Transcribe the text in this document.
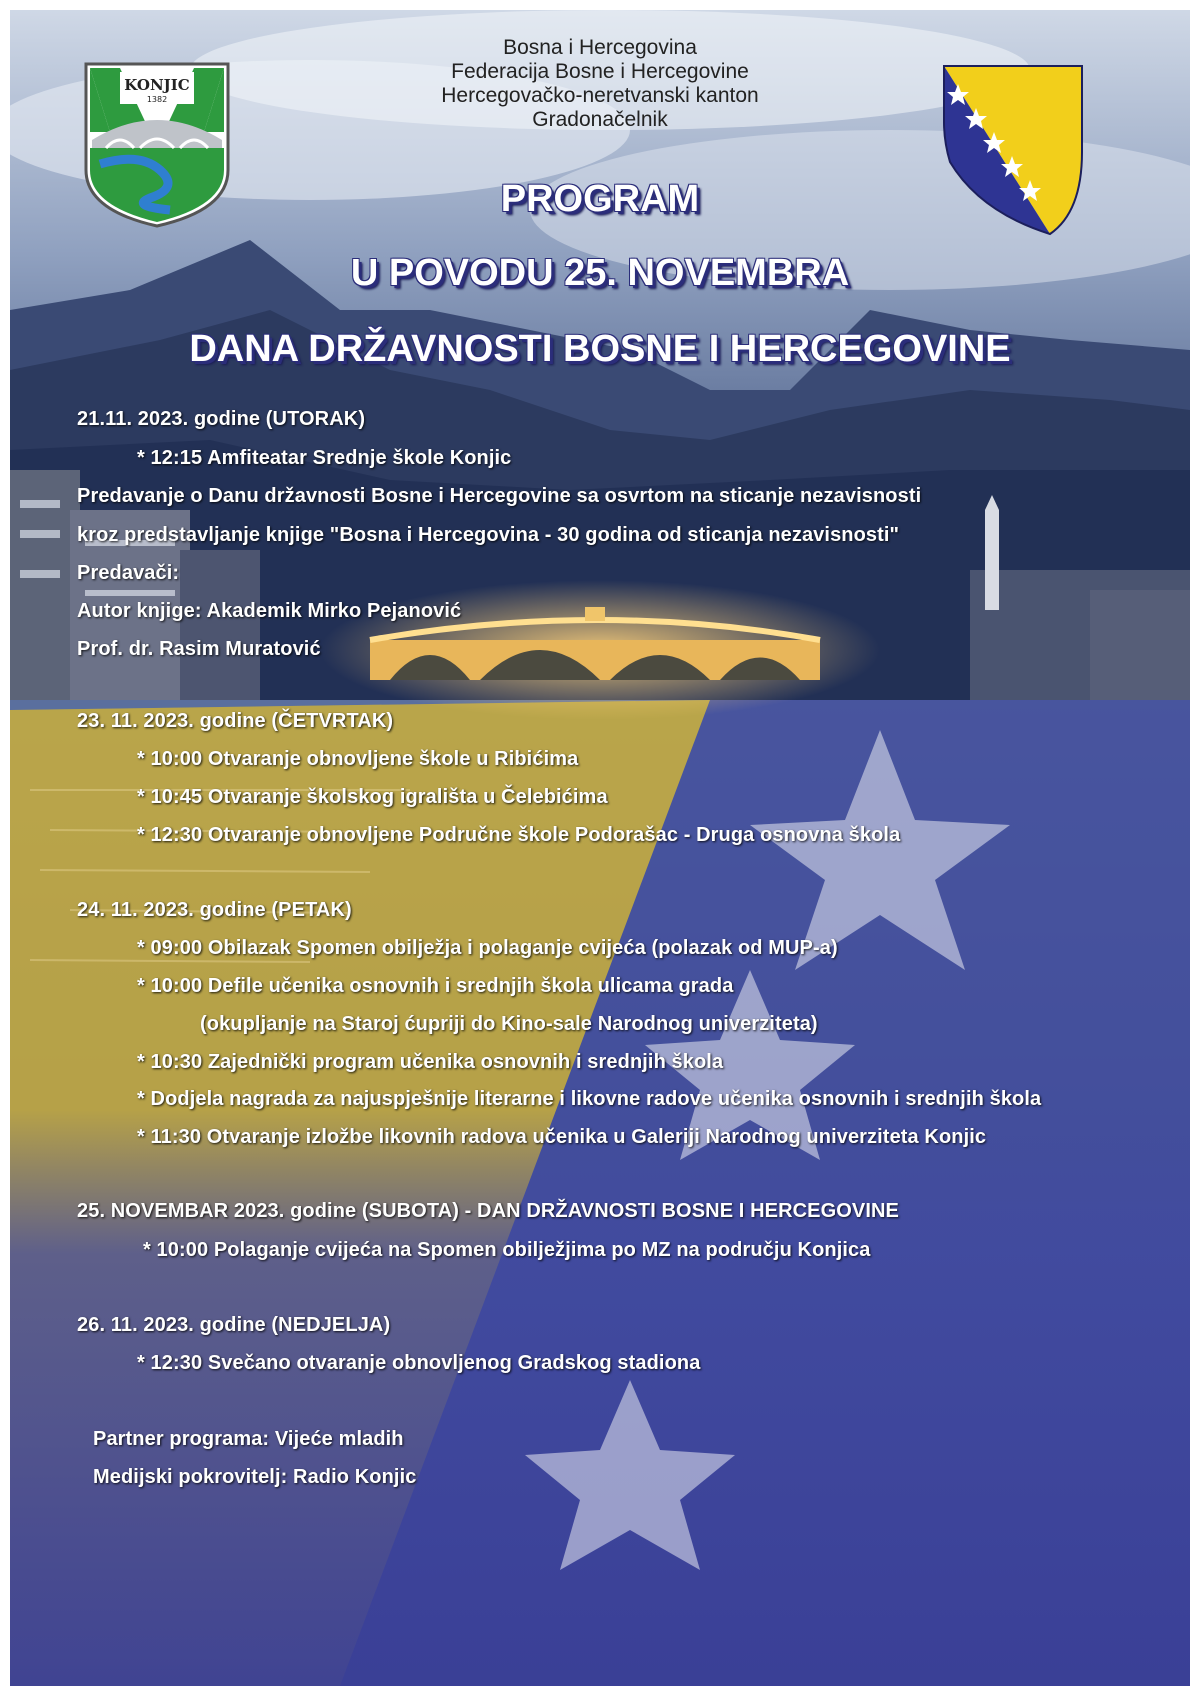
KONJIC
1382
Bosna i Hercegovina
Federacija Bosne i Hercegovine
Hercegovačko-neretvanski kanton
Gradonačelnik
PROGRAM
U POVODU 25. NOVEMBRA
DANA DRŽAVNOSTI BOSNE I HERCEGOVINE
21.11. 2023. godine (UTORAK)
* 12:15 Amfiteatar Srednje škole Konjic
Predavanje o Danu državnosti Bosne i Hercegovine sa osvrtom na sticanje nezavisnosti
kroz predstavljanje knjige "Bosna i Hercegovina - 30 godina od sticanja nezavisnosti"
Predavači:
Autor knjige: Akademik Mirko Pejanović
Prof. dr. Rasim Muratović
23. 11. 2023. godine (ČETVRTAK)
* 10:00 Otvaranje obnovljene škole u Ribićima
* 10:45 Otvaranje školskog igrališta u Čelebićima
* 12:30 Otvaranje obnovljene Područne škole Podorašac - Druga osnovna škola
24. 11. 2023. godine (PETAK)
* 09:00 Obilazak Spomen obilježja i polaganje cvijeća (polazak od MUP-a)
* 10:00 Defile učenika osnovnih i srednjih škola ulicama grada
(okupljanje na Staroj ćupriji do Kino-sale Narodnog univerziteta)
* 10:30 Zajednički program učenika osnovnih i srednjih škola
* Dodjela nagrada za najuspješnije literarne i likovne radove učenika osnovnih i srednjih škola
* 11:30 Otvaranje izložbe likovnih radova učenika u Galeriji Narodnog univerziteta Konjic
25. NOVEMBAR 2023. godine (SUBOTA) - DAN DRŽAVNOSTI BOSNE I HERCEGOVINE
* 10:00 Polaganje cvijeća na Spomen obilježjima po MZ na području Konjica
26. 11. 2023. godine (NEDJELJA)
* 12:30 Svečano otvaranje obnovljenog Gradskog stadiona
Partner programa: Vijeće mladih
Medijski pokrovitelj: Radio Konjic
